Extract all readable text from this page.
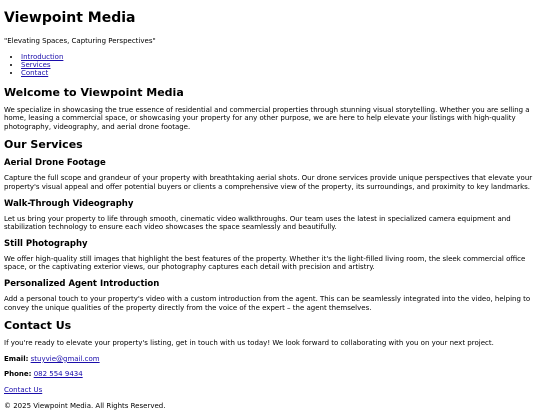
Viewpoint Media

"Elevating Spaces, Capturing Perspectives"

• Introduction
• Services
• Contact
Welcome to Viewpoint Media

We specialize in showcasing the true essence of residential and commercial properties through stunning visual storytelling. Whether you are selling a home, leasing a commercial space, or showcasing your property for any other purpose, we are here to help elevate your listings with high-quality photography, videography, and aerial drone footage.

Our Services
Aerial Drone Footage

Capture the full scope and grandeur of your property with breathtaking aerial shots. Our drone services provide unique perspectives that elevate your property's visual appeal and offer potential buyers or clients a comprehensive view of the property, its surroundings, and proximity to key landmarks.

Walk-Through Videography

Let us bring your property to life through smooth, cinematic video walkthroughs. Our team uses the latest in specialized camera equipment and stabilization technology to ensure each video showcases the space seamlessly and beautifully.

Still Photography

We offer high-quality still images that highlight the best features of the property. Whether it's the light-filled living room, the sleek commercial office space, or the captivating exterior views, our photography captures each detail with precision and artistry.

Personalized Agent Introduction

Add a personal touch to your property's video with a custom introduction from the agent. This can be seamlessly integrated into the video, helping to convey the unique qualities of the property directly from the voice of the expert – the agent themselves.

Contact Us

If you're ready to elevate your property's listing, get in touch with us today! We look forward to collaborating with you on your next project.

Email: stuyvie@gmail.com

Phone: 082 554 9434

Contact Us

© 2025 Viewpoint Media. All Rights Reserved.
